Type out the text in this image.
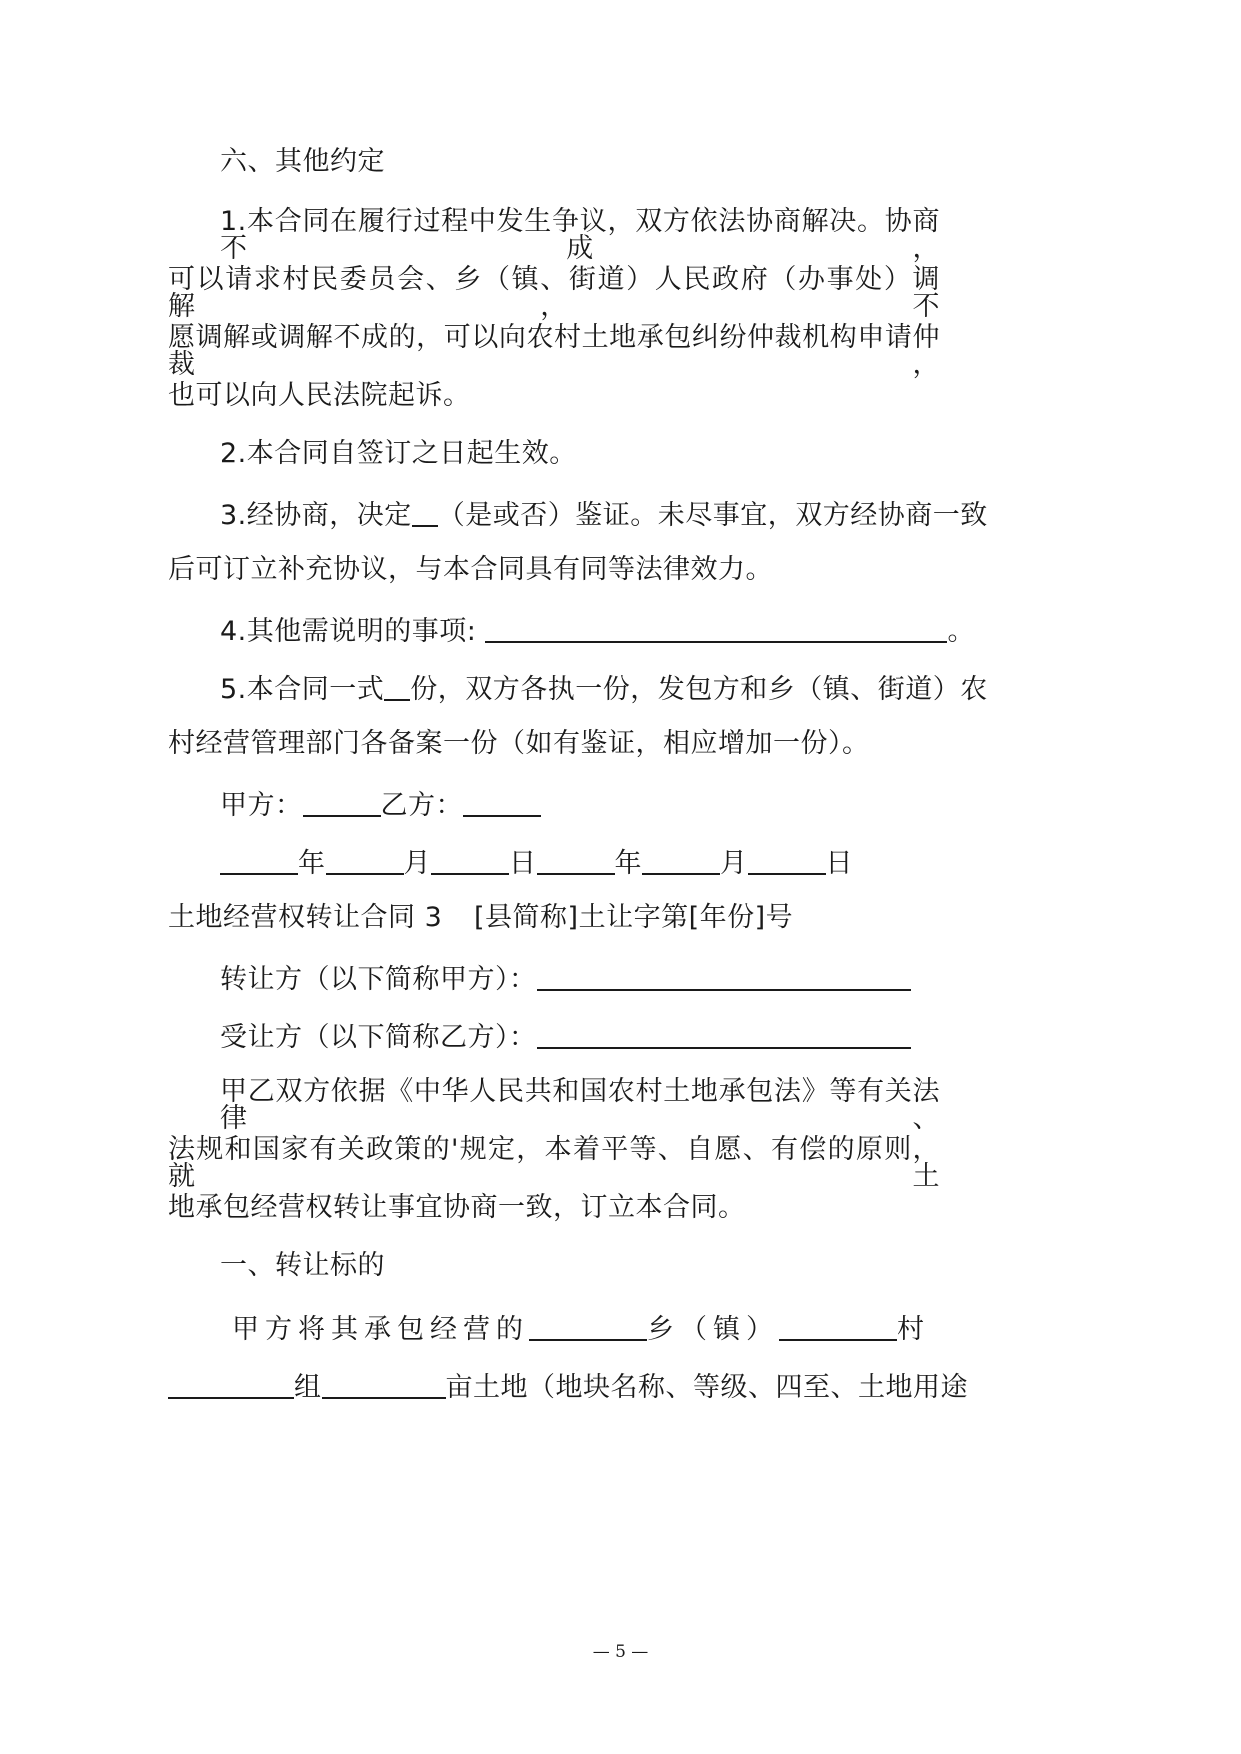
六、其他约定
1.本合同在履行过程中发生争议，双方依法协商解决。协商不成，
可以请求村民委员会、乡（镇、街道）人民政府（办事处）调解，不
愿调解或调解不成的，可以向农村土地承包纠纷仲裁机构申请仲裁，
也可以向人民法院起诉。
2.本合同自签订之日起生效。
3.经协商，决定 （是或否）鉴证。未尽事宜，双方经协商一致
后可订立补充协议，与本合同具有同等法律效力。
4.其他需说明的事项:	。
5.本合同一式 份，双方各执一份，发包方和乡（镇、街道）农
村经营管理部门各备案一份（如有鉴证，相应增加一份）。
甲方：	乙方：
年	月	日	年	月	日
土地经营权转让合同 3 [县简称]土让字第[年份]号
转让方（以下简称甲方）：
受让方（以下简称乙方）：
甲乙双方依据《中华人民共和国农村土地承包法》等有关法律、
法规和国家有关政策的'规定，本着平等、自愿、有偿的原则，就土
地承包经营权转让事宜协商一致，订立本合同。
一、转让标的
甲方将其承包经营的	乡（镇）	村
组	亩土地（地块名称、等级、四至、土地用途
— 5 —
